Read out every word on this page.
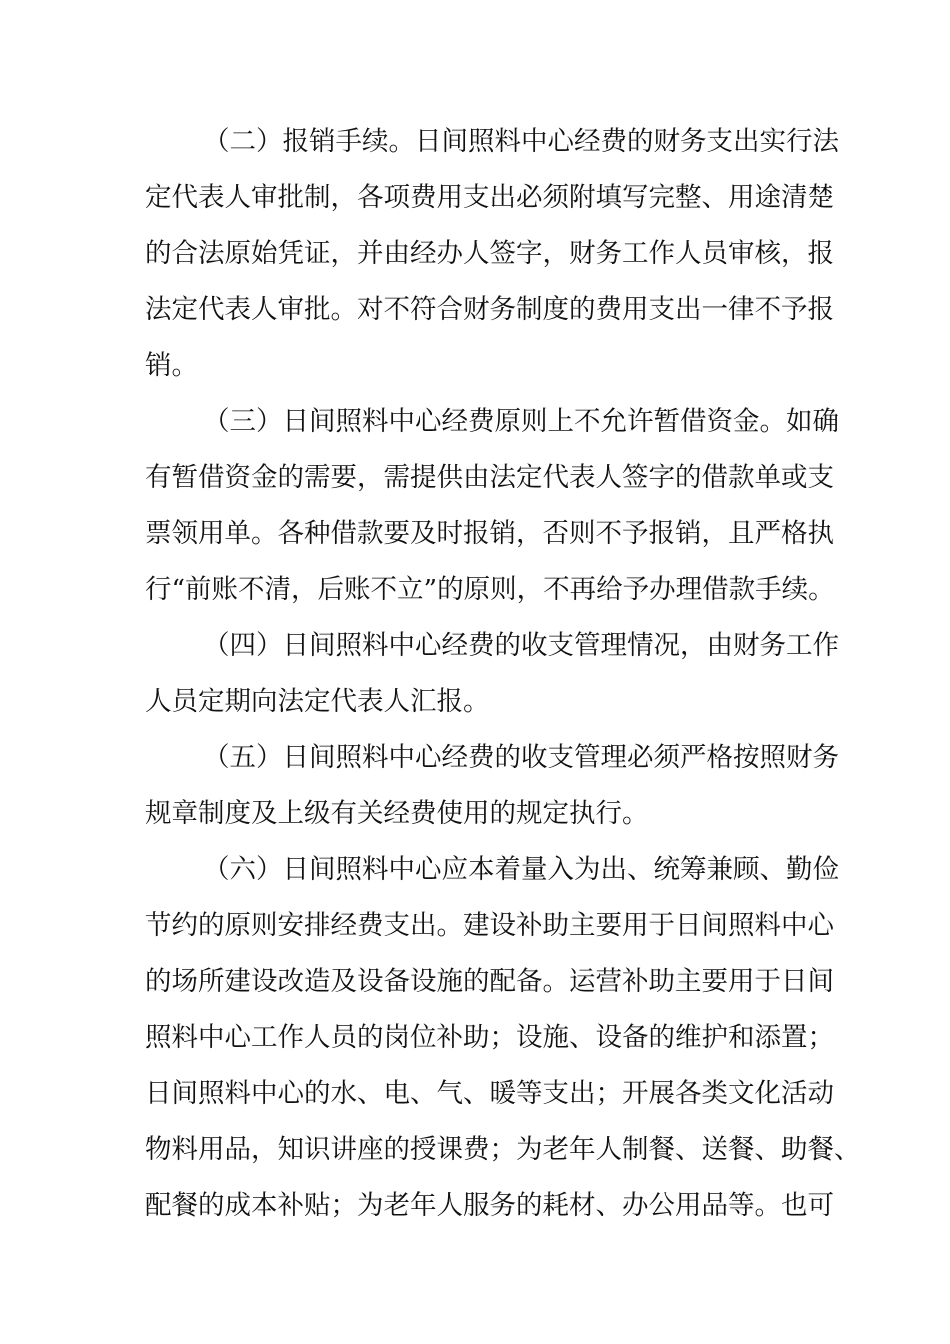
（二）报销手续。日间照料中心经费的财务支出实行法
定代表人审批制，各项费用支出必须附填写完整、用途清楚
的合法原始凭证，并由经办人签字，财务工作人员审核，报
法定代表人审批。对不符合财务制度的费用支出一律不予报
销。
（三）日间照料中心经费原则上不允许暂借资金。如确
有暂借资金的需要，需提供由法定代表人签字的借款单或支
票领用单。各种借款要及时报销，否则不予报销，且严格执
行“前账不清，后账不立”的原则，不再给予办理借款手续。
（四）日间照料中心经费的收支管理情况，由财务工作
人员定期向法定代表人汇报。
（五）日间照料中心经费的收支管理必须严格按照财务
规章制度及上级有关经费使用的规定执行。
（六）日间照料中心应本着量入为出、统筹兼顾、勤俭
节约的原则安排经费支出。建设补助主要用于日间照料中心
的场所建设改造及设备设施的配备。运营补助主要用于日间
照料中心工作人员的岗位补助；设施、设备的维护和添置；
日间照料中心的水、电、气、暖等支出；开展各类文化活动
物料用品，知识讲座的授课费；为老年人制餐、送餐、助餐、
配餐的成本补贴；为老年人服务的耗材、办公用品等。也可
